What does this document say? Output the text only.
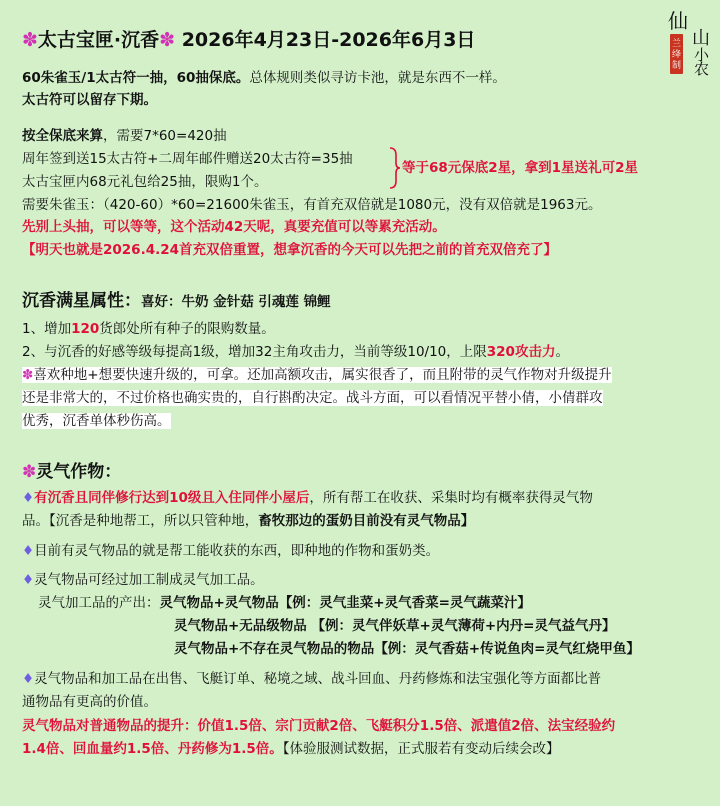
✽太古宝匣·沉香✽ 2026年4月23日-2026年6月3日
仙
山
小
农
兰绛制
60朱雀玉/1太古符一抽，60抽保底。总体规则类似寻访卡池，就是东西不一样。
太古符可以留存下期。
按全保底来算，需要7*60=420抽
周年签到送15太古符+二周年邮件赠送20太古符=35抽
太古宝匣内68元礼包给25抽，限购1个。
等于68元保底2星，拿到1星送礼可2星
需要朱雀玉：（420-60）*60=21600朱雀玉，有首充双倍就是1080元，没有双倍就是1963元。
先别上头抽，可以等等，这个活动42天呢，真要充值可以等累充活动。
【明天也就是2026.4.24首充双倍重置，想拿沉香的今天可以先把之前的首充双倍充了】
沉香满星属性：喜好：牛奶 金针菇 引魂莲 锦鲤
1、增加120货郎处所有种子的限购数量。
2、与沉香的好感等级每提高1级，增加32主角攻击力，当前等级10/10，上限320攻击力。
✽喜欢种地+想要快速升级的，可拿。还加高额攻击，属实很香了，而且附带的灵气作物对升级提升
还是非常大的，不过价格也确实贵的，自行斟酌决定。战斗方面，可以看情况平替小倩，小倩群攻
优秀，沉香单体秒伤高。
✽灵气作物：
♦有沉香且同伴修行达到10级且入住同伴小屋后，所有帮工在收获、采集时均有概率获得灵气物
品。【沉香是种地帮工，所以只管种地，畜牧那边的蛋奶目前没有灵气物品】
♦目前有灵气物品的就是帮工能收获的东西，即种地的作物和蛋奶类。
♦灵气物品可经过加工制成灵气加工品。
灵气加工品的产出：灵气物品+灵气物品【例：灵气韭菜+灵气香菜=灵气蔬菜汁】
灵气物品+无品级物品 【例：灵气伴妖草+灵气薄荷+内丹=灵气益气丹】
灵气物品+不存在灵气物品的物品【例：灵气香菇+传说鱼肉=灵气红烧甲鱼】
♦灵气物品和加工品在出售、飞艇订单、秘境之域、战斗回血、丹药修炼和法宝强化等方面都比普
通物品有更高的价值。
灵气物品对普通物品的提升：价值1.5倍、宗门贡献2倍、飞艇积分1.5倍、派遣值2倍、法宝经验约
1.4倍、回血量约1.5倍、丹药修为1.5倍。【体验服测试数据，正式服若有变动后续会改】
